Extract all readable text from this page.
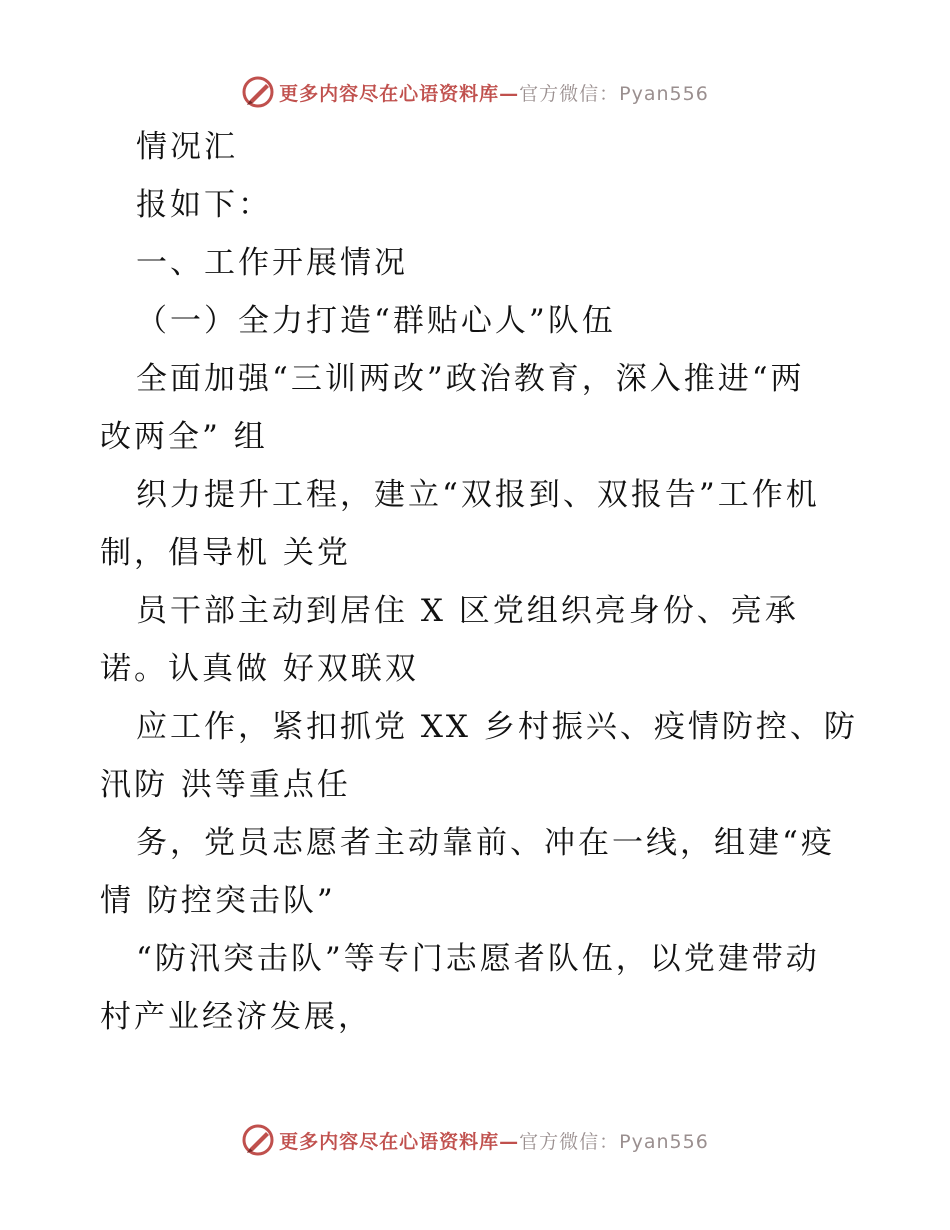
更多内容尽在心语资料库—官方微信：Pyan556
情况汇
报如下：
一、工作开展情况
（一）全力打造“群贴心人”队伍
全面加强“三训两改”政治教育，深入推进“两
改两全” 组
织力提升工程，建立“双报到、双报告”工作机
制，倡导机 关党
员干部主动到居住 X 区党组织亮身份、亮承
诺。认真做 好双联双
应工作，紧扣抓党 XX 乡村振兴、疫情防控、防
汛防 洪等重点任
务，党员志愿者主动靠前、冲在一线，组建“疫
情 防控突击队”
“防汛突击队”等专门志愿者队伍，以党建带动
村产业经济发展，
更多内容尽在心语资料库—官方微信：Pyan556
